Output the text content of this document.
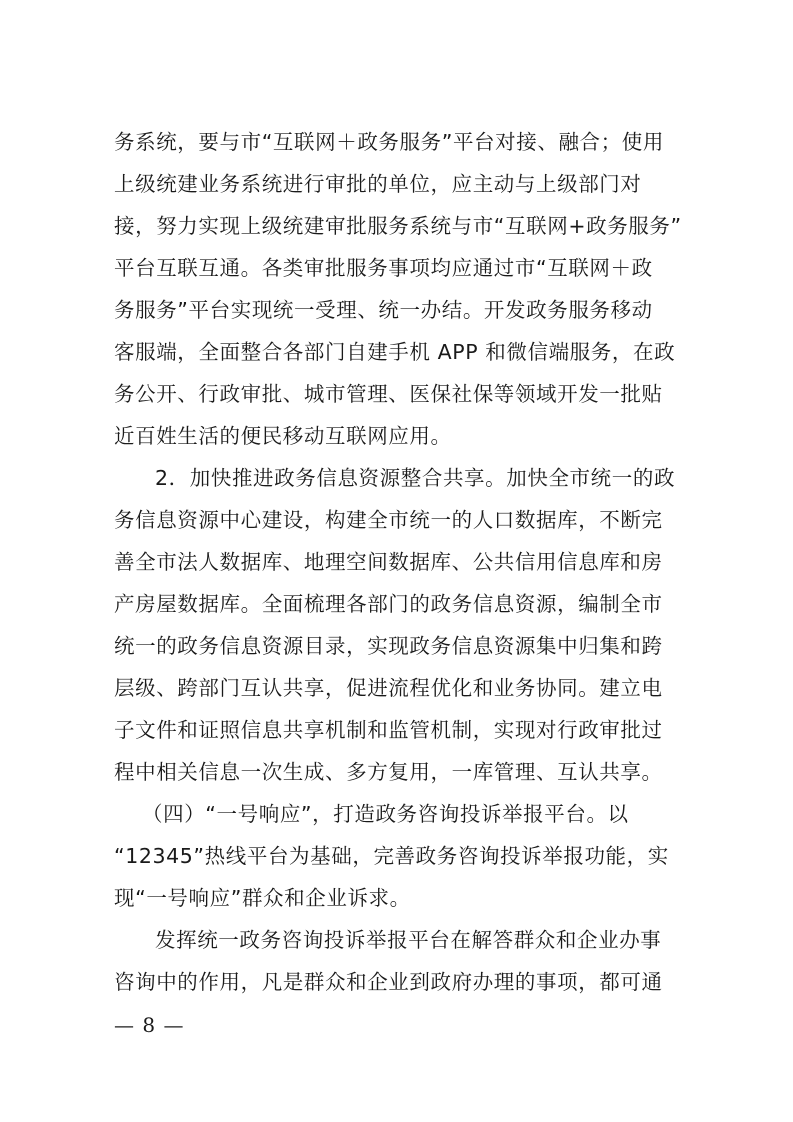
务系统，要与市“互联网＋政务服务”平台对接、融合；使用
上级统建业务系统进行审批的单位，应主动与上级部门对
接，努力实现上级统建审批服务系统与市“互联网+政务服务”
平台互联互通。各类审批服务事项均应通过市“互联网＋政
务服务”平台实现统一受理、统一办结。开发政务服务移动
客服端，全面整合各部门自建手机 APP 和微信端服务，在政
务公开、行政审批、城市管理、医保社保等领域开发一批贴
近百姓生活的便民移动互联网应用。
2．加快推进政务信息资源整合共享。加快全市统一的政
务信息资源中心建设，构建全市统一的人口数据库，不断完
善全市法人数据库、地理空间数据库、公共信用信息库和房
产房屋数据库。全面梳理各部门的政务信息资源，编制全市
统一的政务信息资源目录，实现政务信息资源集中归集和跨
层级、跨部门互认共享，促进流程优化和业务协同。建立电
子文件和证照信息共享机制和监管机制，实现对行政审批过
程中相关信息一次生成、多方复用，一库管理、互认共享。
（四）“一号响应”，打造政务咨询投诉举报平台。以
“12345”热线平台为基础，完善政务咨询投诉举报功能，实
现“一号响应”群众和企业诉求。
发挥统一政务咨询投诉举报平台在解答群众和企业办事
咨询中的作用，凡是群众和企业到政府办理的事项，都可通
— 8 —
